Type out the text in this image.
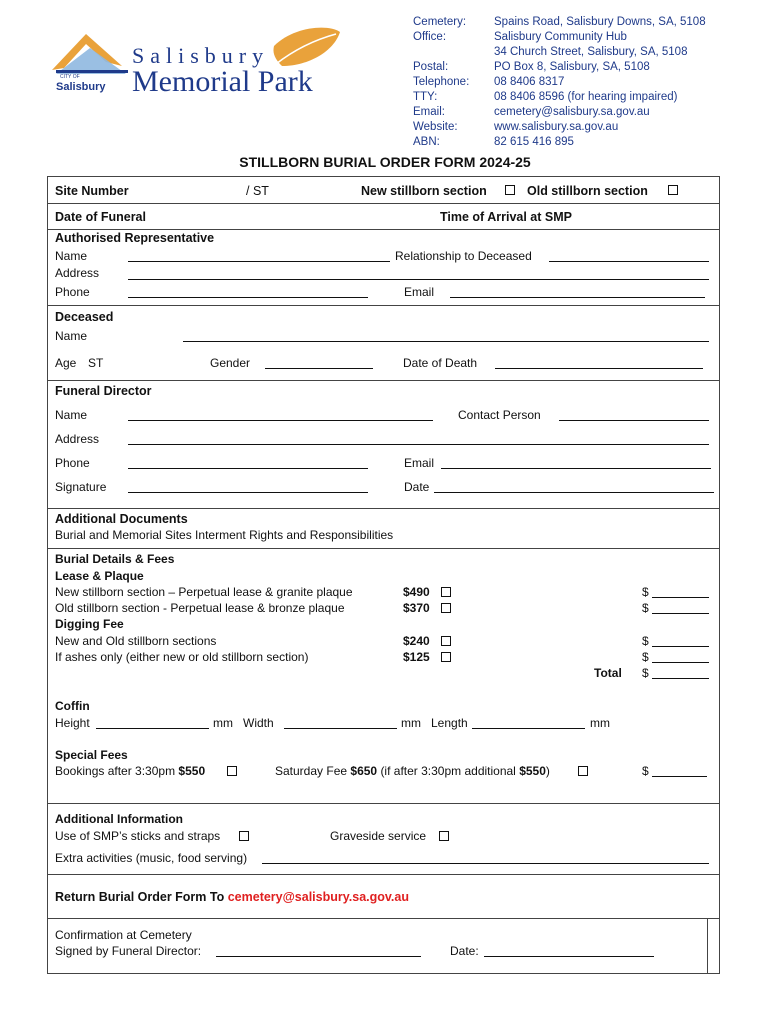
Salisbury
Memorial Park
CITY OF
Salisbury
Cemetery: Spains Road, Salisbury Downs, SA, 5108
Office:	Salisbury Community Hub
34 Church Street, Salisbury, SA, 5108
Postal:	PO Box 8, Salisbury, SA, 5108
Telephone: 08 8406 8317
TTY:	08 8406 8596 (for hearing impaired)
Email:	cemetery@salisbury.sa.gov.au
Website:	www.salisbury.sa.gov.au
ABN:	82 615 416 895
STILLBORN BURIAL ORDER FORM 2024-25
Site Number	/ ST	New stillborn section	Old stillborn section
Date of Funeral	Time of Arrival at SMP
Authorised Representative
Name	Relationship to Deceased
Address
Phone	Email
Deceased
Name
Age ST	Gender	Date of Death
Funeral Director
Name	Contact Person
Address
Phone	Email
Signature	Date
Additional Documents
Burial and Memorial Sites Interment Rights and Responsibilities
Burial Details & Fees
Lease & Plaque
New stillborn section – Perpetual lease & granite plaque	$490	$
Old stillborn section - Perpetual lease & bronze plaque	$370	$
Digging Fee
New and Old stillborn sections	$240	$
If ashes only (either new or old stillborn section)	$125	$
Total $
Coffin
Height	mm Width	mm Length	mm
Special Fees
Bookings after 3:30pm $550	Saturday Fee $650 (if after 3:30pm additional $550)	$
Additional Information
Use of SMP’s sticks and straps	Graveside service
Extra activities (music, food serving)
Return Burial Order Form To cemetery@salisbury.sa.gov.au
Confirmation at Cemetery
Signed by Funeral Director:	Date:
